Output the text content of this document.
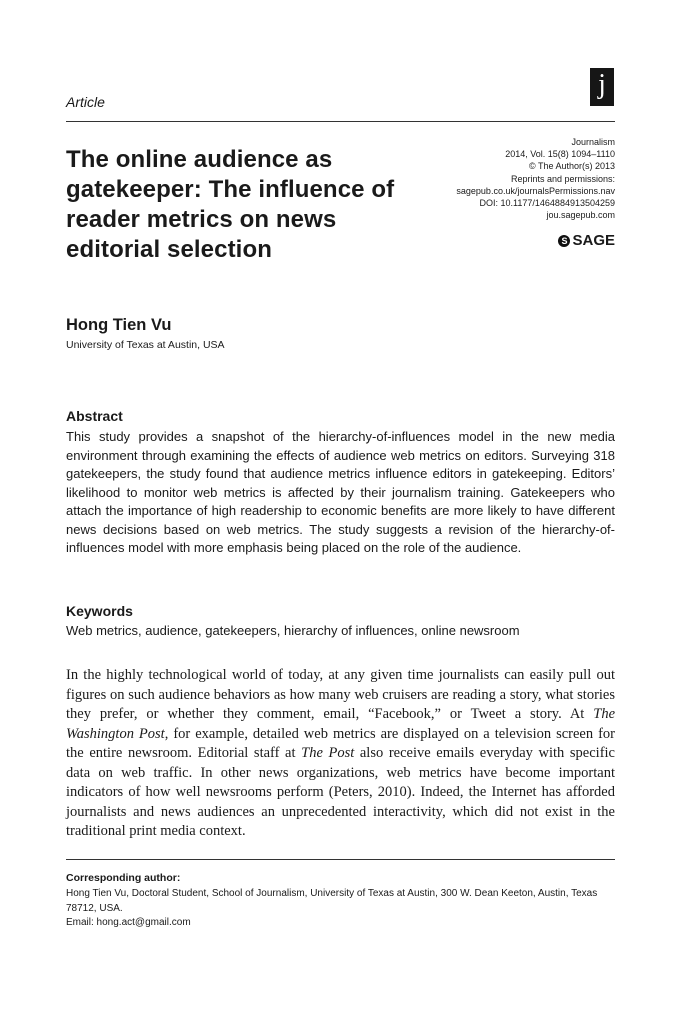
Article
j
The online audience as gatekeeper: The influence of reader metrics on news editorial selection
Journalism
2014, Vol. 15(8) 1094–1110
© The Author(s) 2013
Reprints and permissions:
sagepub.co.uk/journalsPermissions.nav
DOI: 10.1177/1464884913504259
jou.sagepub.com
S SAGE
Hong Tien Vu
University of Texas at Austin, USA
Abstract
This study provides a snapshot of the hierarchy-of-influences model in the new media environment through examining the effects of audience web metrics on editors. Surveying 318 gatekeepers, the study found that audience metrics influence editors in gatekeeping. Editors’ likelihood to monitor web metrics is affected by their journalism training. Gatekeepers who attach the importance of high readership to economic benefits are more likely to have different news decisions based on web metrics. The study suggests a revision of the hierarchy-of-influences model with more emphasis being placed on the role of the audience.
Keywords
Web metrics, audience, gatekeepers, hierarchy of influences, online newsroom
In the highly technological world of today, at any given time journalists can easily pull out figures on such audience behaviors as how many web cruisers are reading a story, what stories they prefer, or whether they comment, email, “Facebook,” or Tweet a story. At The Washington Post, for example, detailed web metrics are displayed on a television screen for the entire newsroom. Editorial staff at The Post also receive emails everyday with specific data on web traffic. In other news organizations, web metrics have become important indicators of how well newsrooms perform (Peters, 2010). Indeed, the Internet has afforded journalists and news audiences an unprecedented interactivity, which did not exist in the traditional print media context.
Corresponding author:
Hong Tien Vu, Doctoral Student, School of Journalism, University of Texas at Austin, 300 W. Dean Keeton, Austin, Texas 78712, USA.
Email: hong.act@gmail.com
